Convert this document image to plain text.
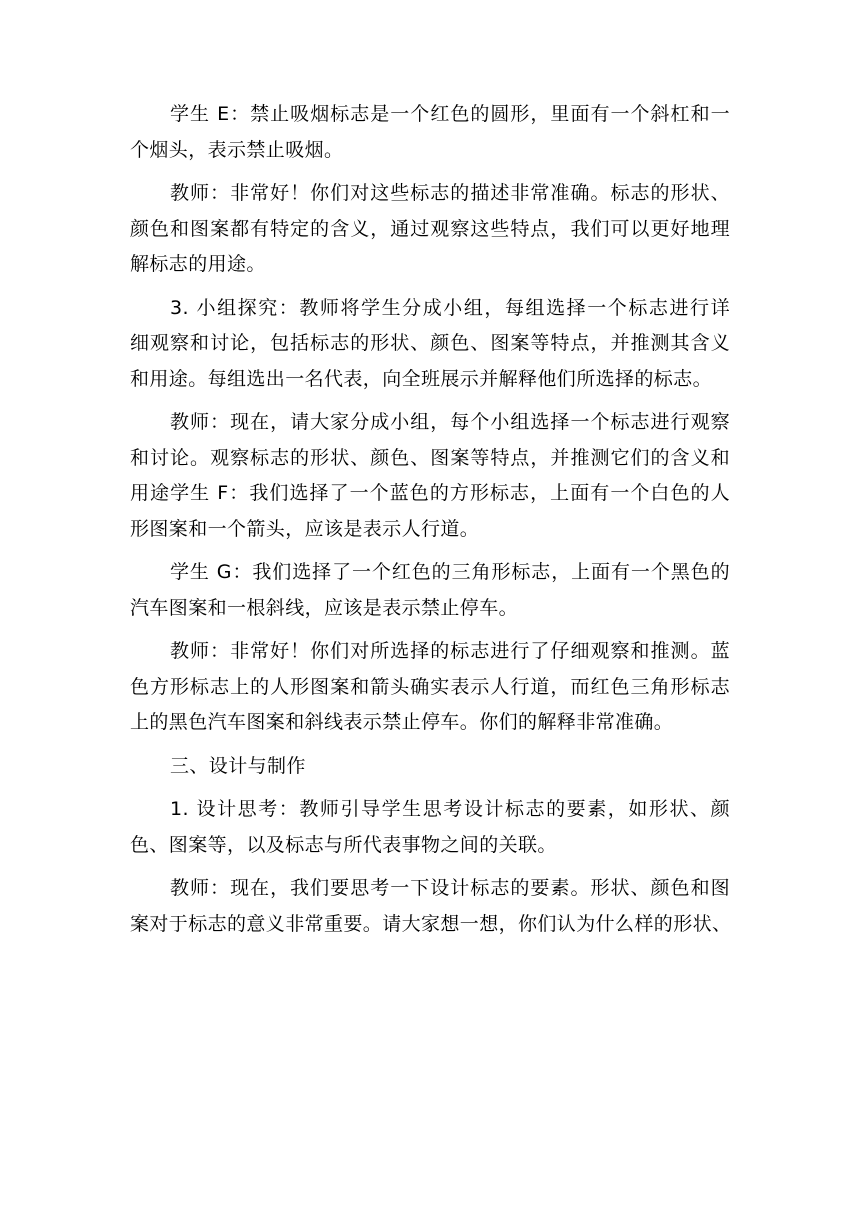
学生 E：禁止吸烟标志是一个红色的圆形，里面有一个斜杠和一
个烟头，表示禁止吸烟。

教师：非常好！你们对这些标志的描述非常准确。标志的形状、
颜色和图案都有特定的含义，通过观察这些特点，我们可以更好地理
解标志的用途。

3. 小组探究：教师将学生分成小组，每组选择一个标志进行详
细观察和讨论，包括标志的形状、颜色、图案等特点，并推测其含义
和用途。每组选出一名代表，向全班展示并解释他们所选择的标志。

教师：现在，请大家分成小组，每个小组选择一个标志进行观察
和讨论。观察标志的形状、颜色、图案等特点，并推测它们的含义和
用途学生 F：我们选择了一个蓝色的方形标志，上面有一个白色的人
形图案和一个箭头，应该是表示人行道。

学生 G：我们选择了一个红色的三角形标志，上面有一个黑色的
汽车图案和一根斜线，应该是表示禁止停车。

教师：非常好！你们对所选择的标志进行了仔细观察和推测。蓝
色方形标志上的人形图案和箭头确实表示人行道，而红色三角形标志
上的黑色汽车图案和斜线表示禁止停车。你们的解释非常准确。

三、设计与制作

1. 设计思考：教师引导学生思考设计标志的要素，如形状、颜
色、图案等，以及标志与所代表事物之间的关联。

教师：现在，我们要思考一下设计标志的要素。形状、颜色和图
案对于标志的意义非常重要。请大家想一想，你们认为什么样的形状、
